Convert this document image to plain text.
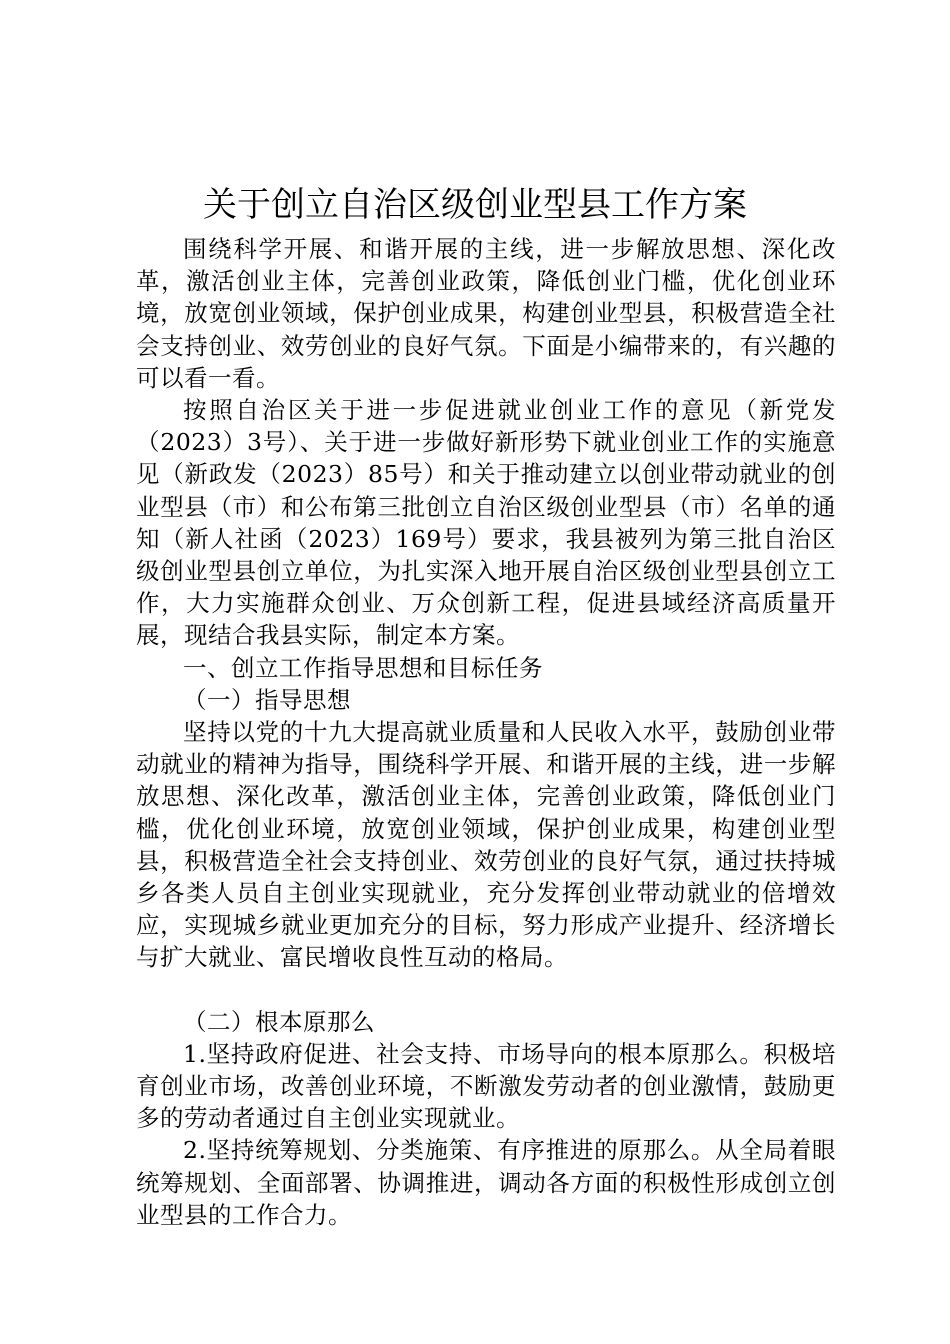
关于创立自治区级创业型县工作方案

围绕科学开展、和谐开展的主线，进一步解放思想、深化改革，激活创业主体，完善创业政策，降低创业门槛，优化创业环境，放宽创业领域，保护创业成果，构建创业型县，积极营造全社会支持创业、效劳创业的良好气氛。下面是小编带来的，有兴趣的可以看一看。

按照自治区关于进一步促进就业创业工作的意见（新党发（2023）3号）、关于进一步做好新形势下就业创业工作的实施意见（新政发（2023）85号）和关于推动建立以创业带动就业的创业型县（市）和公布第三批创立自治区级创业型县（市）名单的通知（新人社函（2023）169号）要求，我县被列为第三批自治区级创业型县创立单位，为扎实深入地开展自治区级创业型县创立工作，大力实施群众创业、万众创新工程，促进县域经济高质量开展，现结合我县实际，制定本方案。

一、创立工作指导思想和目标任务

（一）指导思想

坚持以党的十九大提高就业质量和人民收入水平，鼓励创业带动就业的精神为指导，围绕科学开展、和谐开展的主线，进一步解放思想、深化改革，激活创业主体，完善创业政策，降低创业门槛，优化创业环境，放宽创业领域，保护创业成果，构建创业型县，积极营造全社会支持创业、效劳创业的良好气氛，通过扶持城乡各类人员自主创业实现就业，充分发挥创业带动就业的倍增效应，实现城乡就业更加充分的目标，努力形成产业提升、经济增长与扩大就业、富民增收良性互动的格局。

（二）根本原那么

1.坚持政府促进、社会支持、市场导向的根本原那么。积极培育创业市场，改善创业环境，不断激发劳动者的创业激情，鼓励更多的劳动者通过自主创业实现就业。

2.坚持统筹规划、分类施策、有序推进的原那么。从全局着眼统筹规划、全面部署、协调推进，调动各方面的积极性形成创立创业型县的工作合力。
